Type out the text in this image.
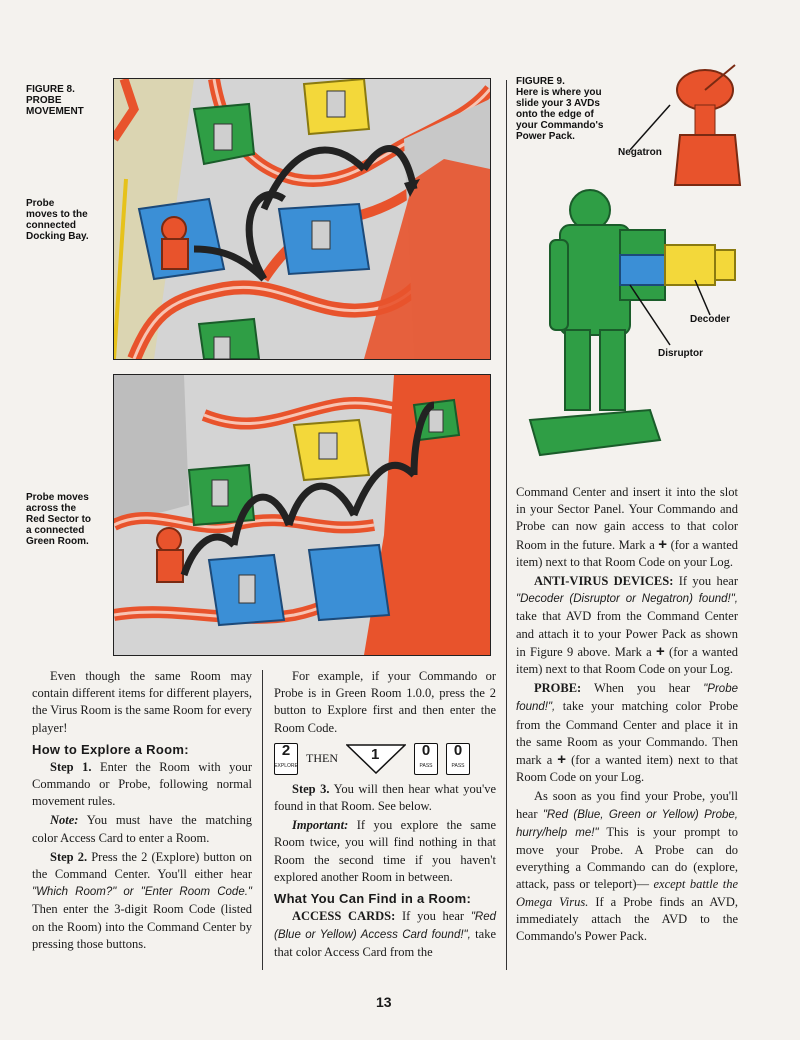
FIGURE 8.
PROBE
MOVEMENT
Probe
moves to the
connected
Docking Bay.
Probe moves
across the
Red Sector to
a connected
Green Room.
FIGURE 9.
Here is where you
slide your 3 AVDs
onto the edge of
your Commando's
Power Pack.
Negatron
Decoder
Disruptor

Even though the same Room may contain different items for different players, the Virus Room is the same Room for every player!

How to Explore a Room:

Step 1. Enter the Room with your Commando or Probe, following normal movement rules.

Note: You must have the matching color Access Card to enter a Room.

Step 2. Press the 2 (Explore) button on the Command Center. You'll either hear "Which Room?" or "Enter Room Code." Then enter the 3-digit Room Code (listed on the Room) into the Command Center by pressing those buttons.

For example, if your Commando or Probe is in Green Room 1.0.0, press the 2 button to Explore first and then enter the Room Code.

2
EXPLORE
THEN 1	0
PASS
0
PASS

Step 3. You will then hear what you've found in that Room. See below.

Important: If you explore the same Room twice, you will find nothing in that Room the second time if you haven't explored another Room in between.

What You Can Find in a Room:

ACCESS CARDS: If you hear "Red (Blue or Yellow) Access Card found!", take that color Access Card from the

Command Center and insert it into the slot in your Sector Panel. Your Commando and Probe can now gain access to that color Room in the future. Mark a + (for a wanted item) next to that Room Code on your Log.

ANTI-VIRUS DEVICES: If you hear "Decoder (Disruptor or Negatron) found!", take that AVD from the Command Center and attach it to your Power Pack as shown in Figure 9 above. Mark a + (for a wanted item) next to that Room Code on your Log.

PROBE: When you hear "Probe found!", take your matching color Probe from the Command Center and place it in the same Room as your Commando. Then mark a + (for a wanted item) next to that Room Code on your Log.

As soon as you find your Probe, you'll hear "Red (Blue, Green or Yellow) Probe, hurry/help me!" This is your prompt to move your Probe. A Probe can do everything a Commando can do (explore, attack, pass or teleport)— except battle the Omega Virus. If a Probe finds an AVD, immediately attach the AVD to the Commando's Power Pack.

13
